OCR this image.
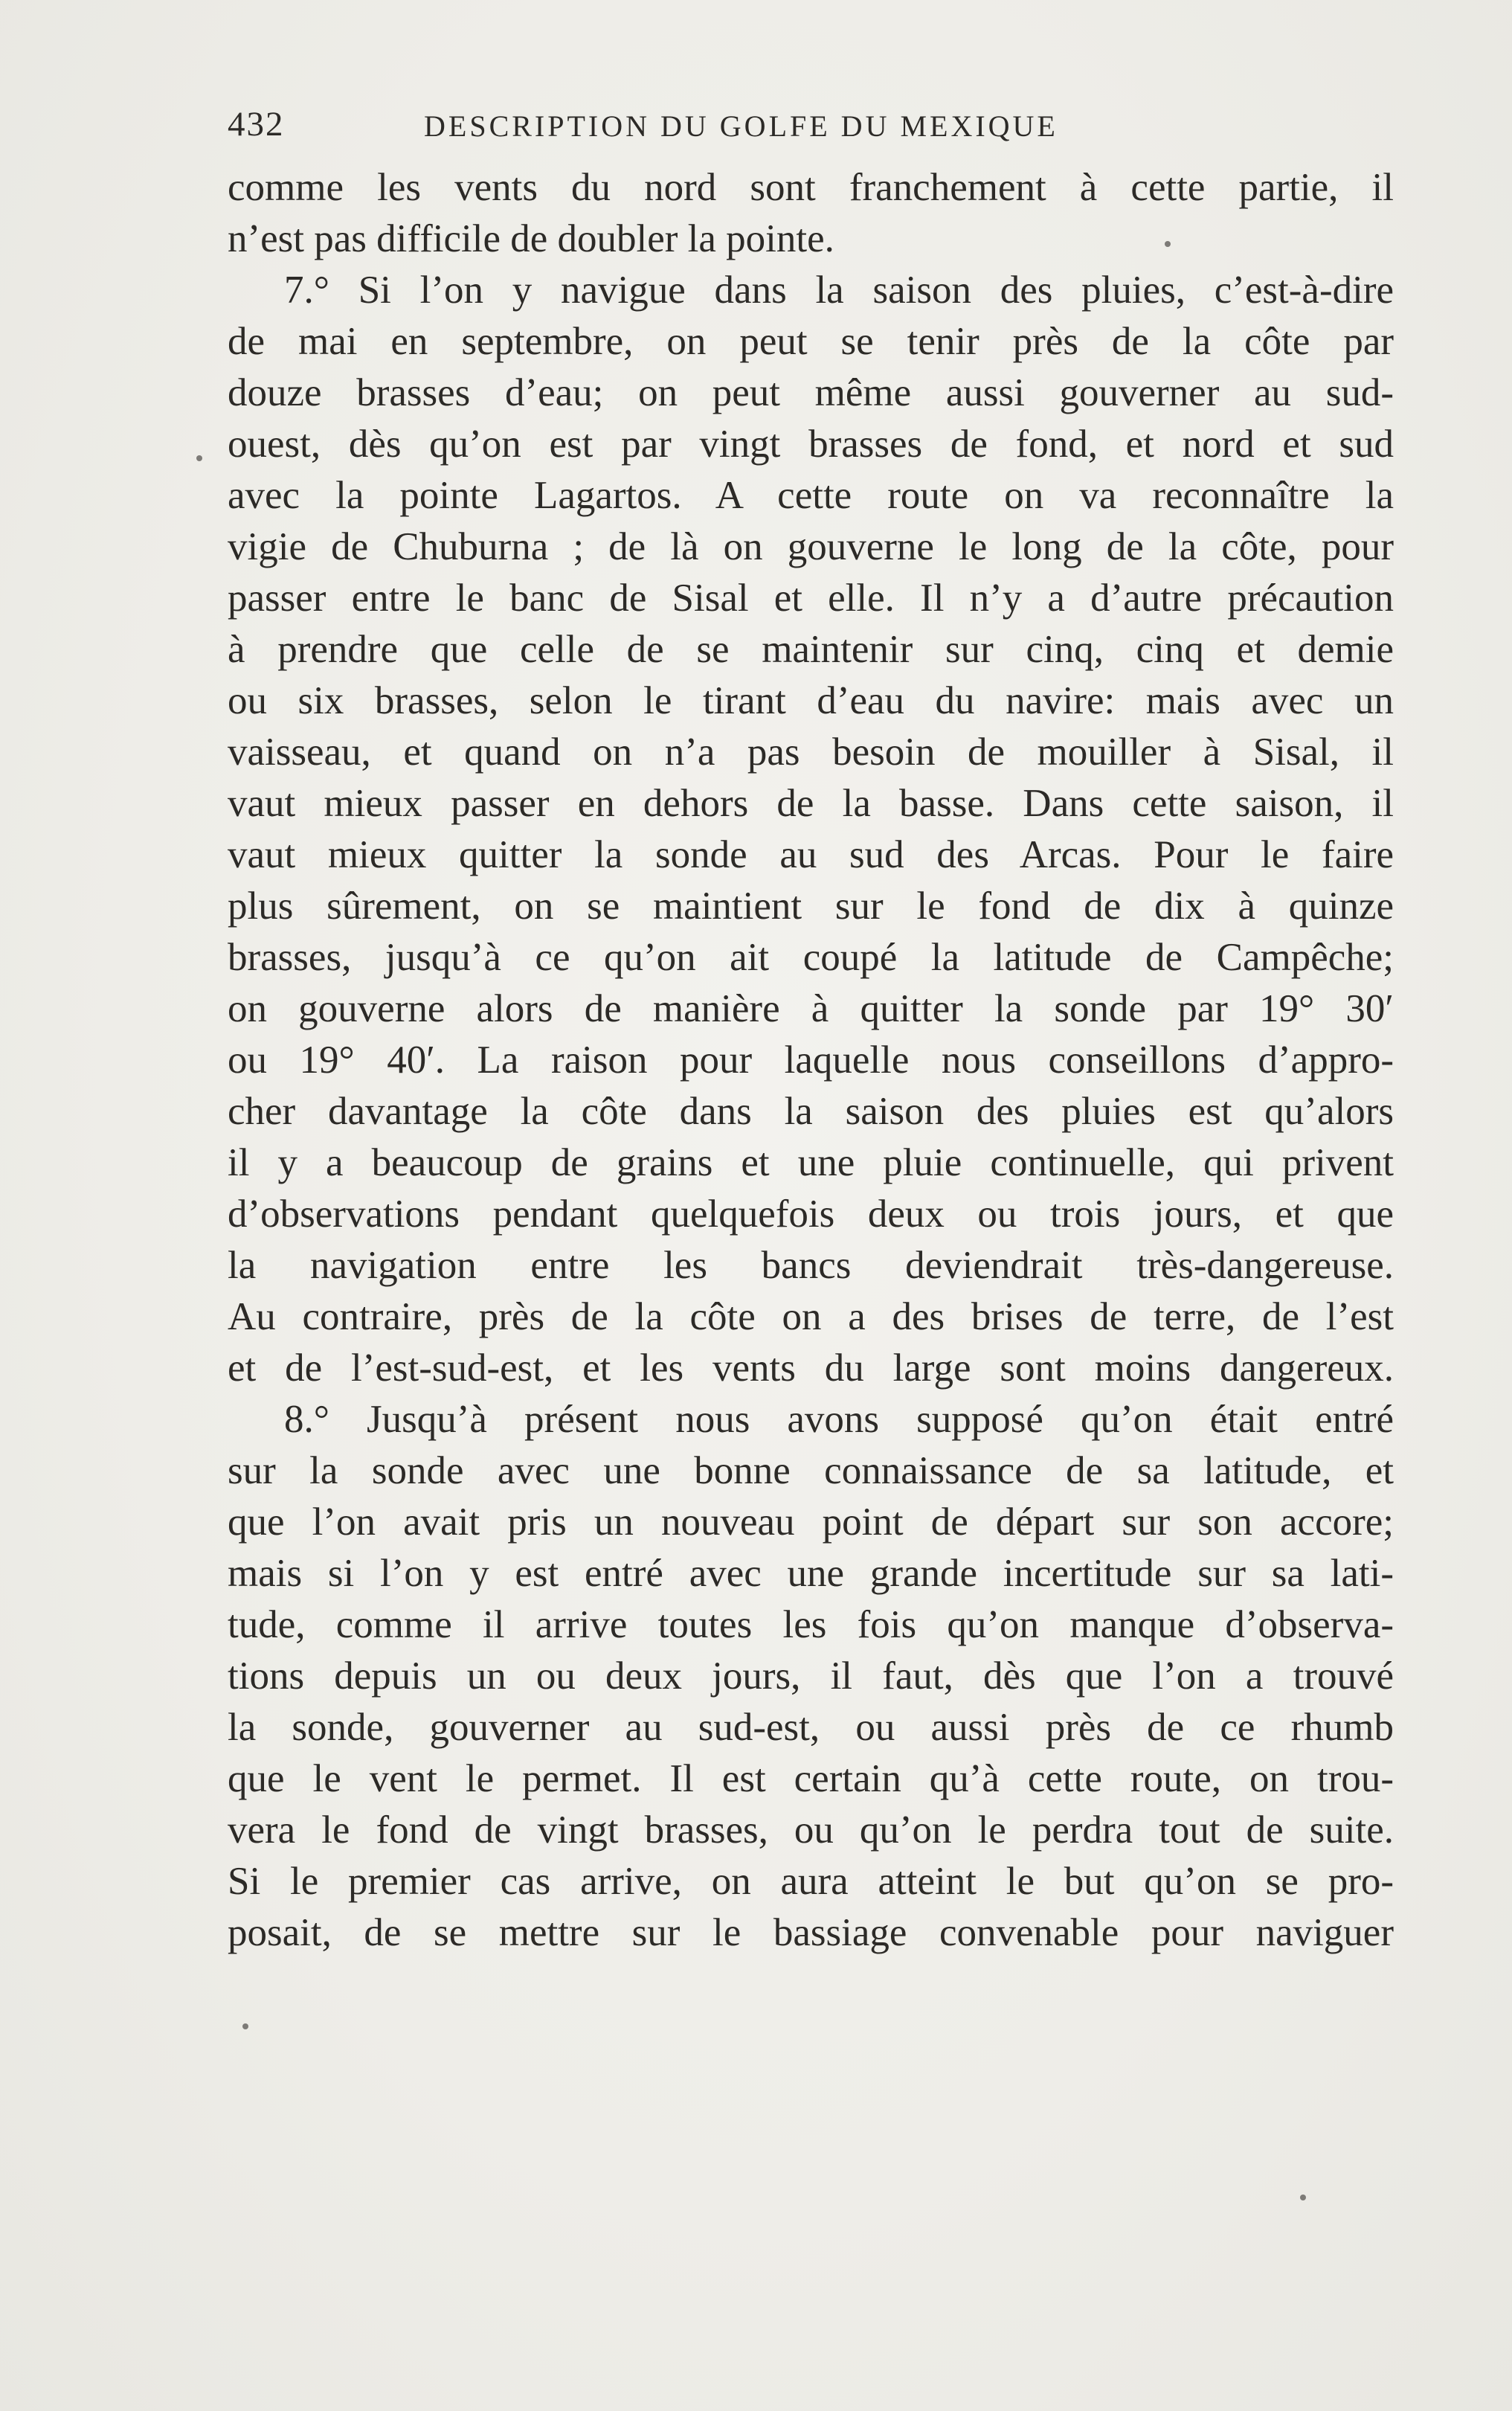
432	DESCRIPTION DU GOLFE DU MEXIQUE
comme les vents du nord sont franchement à cette partie, il
n’est pas difficile de doubler la pointe.
7.° Si l’on y navigue dans la saison des pluies, c’est-à-dire
de mai en septembre, on peut se tenir près de la côte par
douze brasses d’eau; on peut même aussi gouverner au sud-
ouest, dès qu’on est par vingt brasses de fond, et nord et sud
avec la pointe Lagartos. A cette route on va reconnaître la
vigie de Chuburna ; de là on gouverne le long de la côte, pour
passer entre le banc de Sisal et elle. Il n’y a d’autre précaution
à prendre que celle de se maintenir sur cinq, cinq et demie
ou six brasses, selon le tirant d’eau du navire: mais avec un
vaisseau, et quand on n’a pas besoin de mouiller à Sisal, il
vaut mieux passer en dehors de la basse. Dans cette saison, il
vaut mieux quitter la sonde au sud des Arcas. Pour le faire
plus sûrement, on se maintient sur le fond de dix à quinze
brasses, jusqu’à ce qu’on ait coupé la latitude de Campêche;
on gouverne alors de manière à quitter la sonde par 19° 30′
ou 19° 40′. La raison pour laquelle nous conseillons d’appro-
cher davantage la côte dans la saison des pluies est qu’alors
il y a beaucoup de grains et une pluie continuelle, qui privent
d’observations pendant quelquefois deux ou trois jours, et que
la navigation entre les bancs deviendrait très-dangereuse.
Au contraire, près de la côte on a des brises de terre, de l’est
et de l’est-sud-est, et les vents du large sont moins dangereux.
8.° Jusqu’à présent nous avons supposé qu’on était entré
sur la sonde avec une bonne connaissance de sa latitude, et
que l’on avait pris un nouveau point de départ sur son accore;
mais si l’on y est entré avec une grande incertitude sur sa lati-
tude, comme il arrive toutes les fois qu’on manque d’observa-
tions depuis un ou deux jours, il faut, dès que l’on a trouvé
la sonde, gouverner au sud-est, ou aussi près de ce rhumb
que le vent le permet. Il est certain qu’à cette route, on trou-
vera le fond de vingt brasses, ou qu’on le perdra tout de suite.
Si le premier cas arrive, on aura atteint le but qu’on se pro-
posait, de se mettre sur le bassiage convenable pour naviguer
